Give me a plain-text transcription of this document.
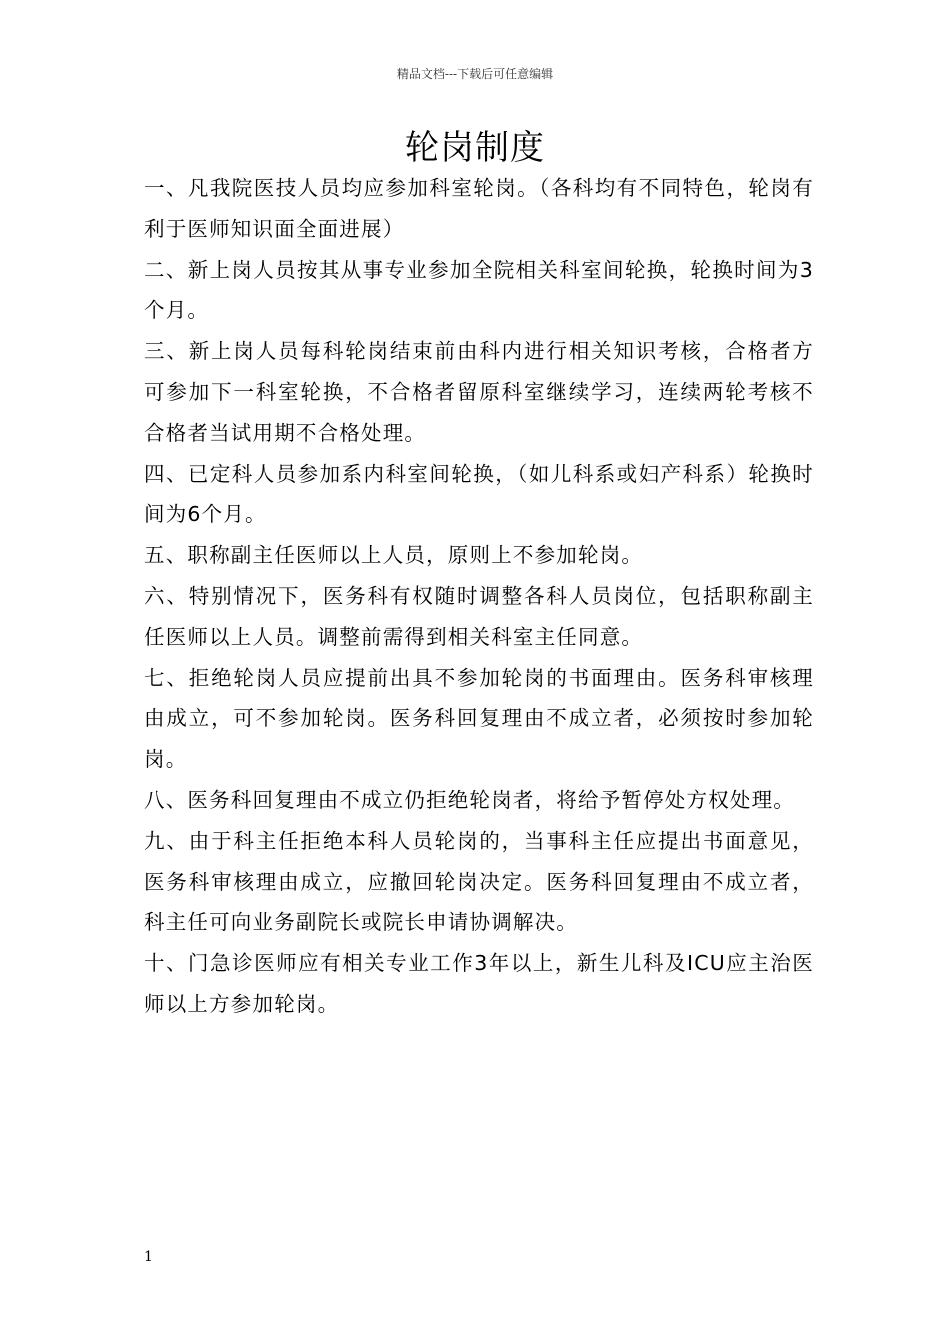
精品文档---下载后可任意编辑
轮岗制度

一、凡我院医技人员均应参加科室轮岗。（各科均有不同特色，轮岗有利于医师知识面全面进展）

二、新上岗人员按其从事专业参加全院相关科室间轮换，轮换时间为3个月。

三、新上岗人员每科轮岗结束前由科内进行相关知识考核，合格者方可参加下一科室轮换，不合格者留原科室继续学习，连续两轮考核不合格者当试用期不合格处理。

四、已定科人员参加系内科室间轮换，（如儿科系或妇产科系）轮换时间为6个月。

五、职称副主任医师以上人员，原则上不参加轮岗。

六、特别情况下，医务科有权随时调整各科人员岗位，包括职称副主任医师以上人员。调整前需得到相关科室主任同意。

七、拒绝轮岗人员应提前出具不参加轮岗的书面理由。医务科审核理由成立，可不参加轮岗。医务科回复理由不成立者，必须按时参加轮岗。

八、医务科回复理由不成立仍拒绝轮岗者，将给予暂停处方权处理。

九、由于科主任拒绝本科人员轮岗的，当事科主任应提出书面意见，医务科审核理由成立，应撤回轮岗决定。医务科回复理由不成立者，科主任可向业务副院长或院长申请协调解决。

十、门急诊医师应有相关专业工作3年以上，新生儿科及ICU应主治医师以上方参加轮岗。

1
